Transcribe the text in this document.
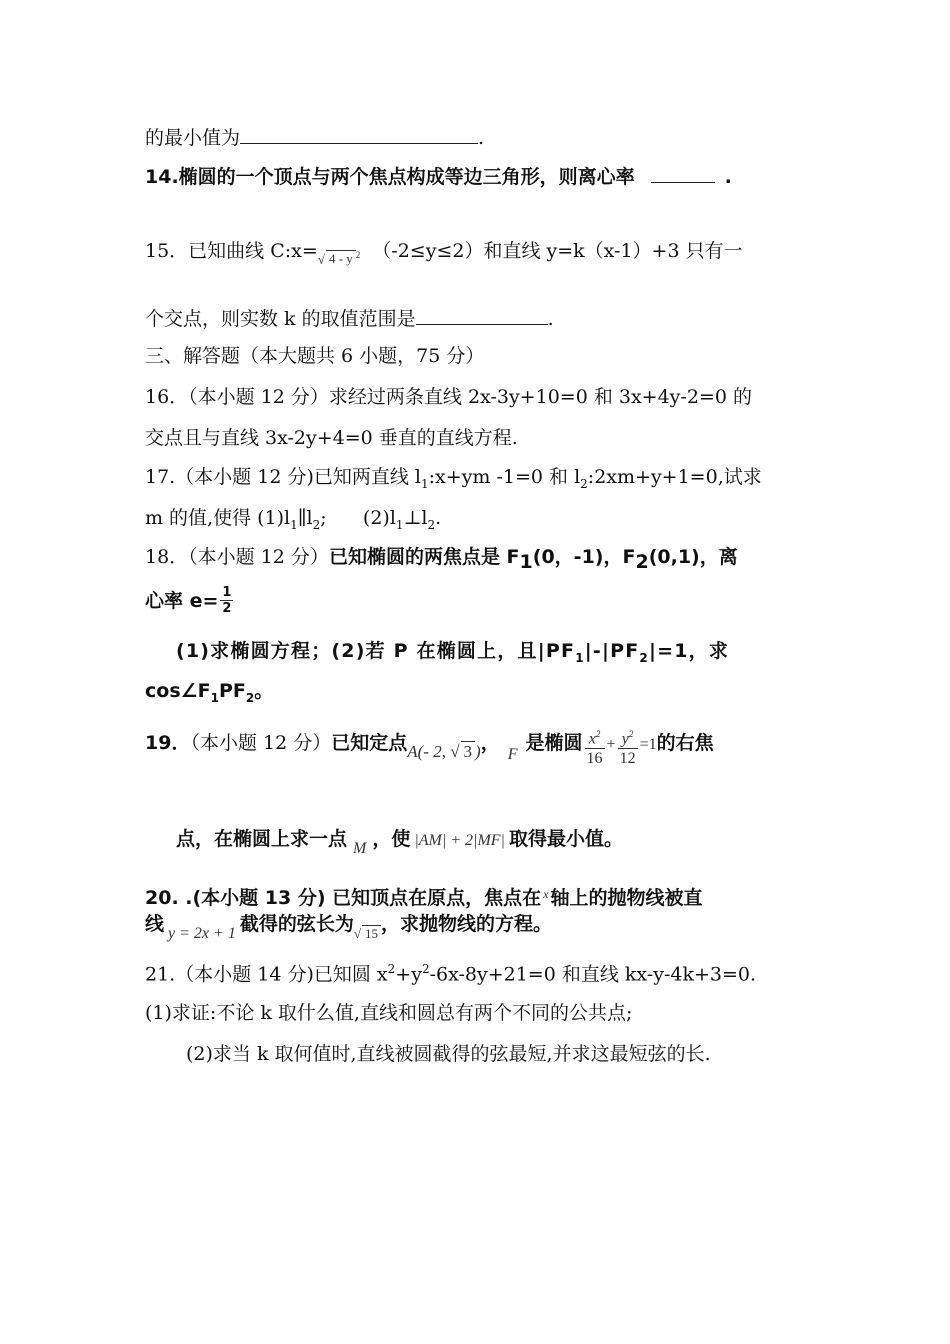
的最小值为	.
14.椭圆的一个顶点与两个焦点构成等边三角形，则离心率	.
15．已知曲线 C:x=√ 4 - y $^2$ （-2≤y≤2）和直线 y=k（x-1）+3 只有一
个交点，则实数 k 的取值范围是	.
三、解答题（本大题共 6 小题，75 分）
16．（本小题 12 分）求经过两条直线 2x-3y+10=0 和 3x+4y-2=0 的
交点且与直线 3x-2y+4=0 垂直的直线方程.
17.（本小题 12 分)已知两直线 $l_1:x+ym$ -1=0 和 $l_2:2xm+y+1=0$,试求
m 的值,使得 $(1)l_1\parallel l_2$;      $(2)l_1\perp l_2$.
18．（本小题 12 分）已知椭圆的两焦点是 $F_1(0$，-1)，$F_2(0,1)$，离
心率 $e= \frac{1}{2}$
(1)求椭圆方程；(2)若 P 在椭圆上，且$|PF_1|-|PF_2|=1$，求
$\cos\angle F_1PF_2$。
19．（本小题 12 分）已知定点A(- 2, √ 3 )，$_F$是椭圆 $\frac{x^2}{16} + \frac{y^2}{12} =1$的右焦
点，在椭圆上求一点 $_M$ ，使 |AM| + 2|MF| 取得最小值。
20. .(本小题 13 分) 已知顶点在原点，焦点在 $^x$ 轴上的抛物线被直
线 $_{y = 2x + 1}$ 截得的弦长为√ 15 ，求抛物线的方程。
21.（本小题 14 分)已知圆 $x^2+y^2-6x-8y+21=0$ 和直线 kx-y-4k+3=0.
(1)求证:不论 k 取什么值,直线和圆总有两个不同的公共点;
(2)求当 k 取何值时,直线被圆截得的弦最短,并求这最短弦的长.
